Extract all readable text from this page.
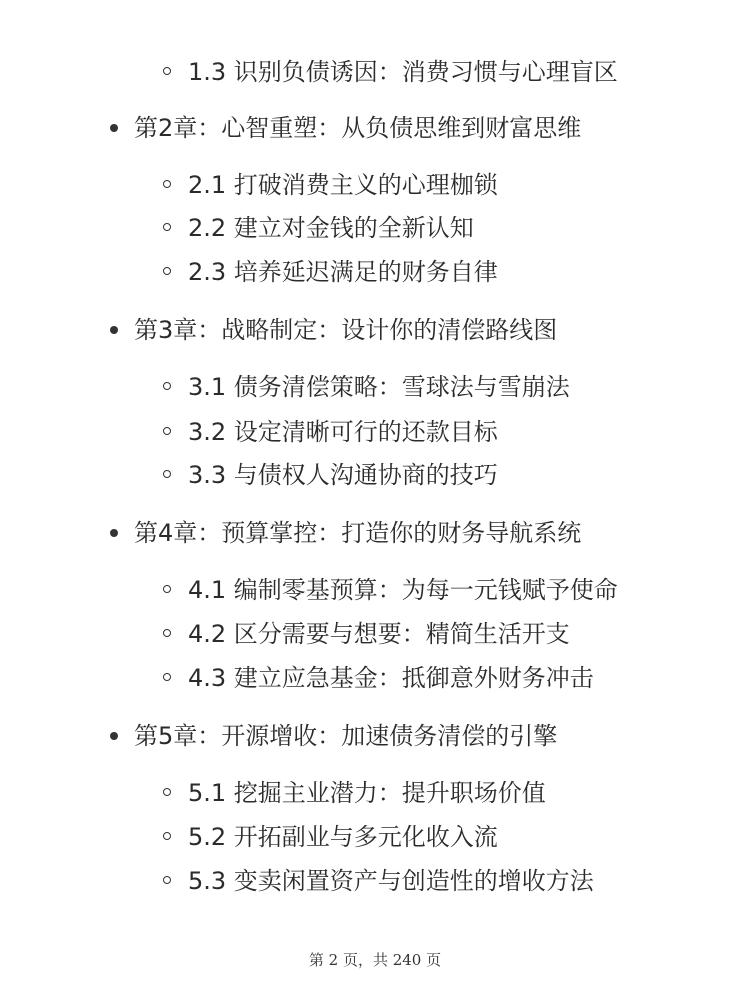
1.3 识别负债诱因：消费习惯与心理盲区
第2章：心智重塑：从负债思维到财富思维
2.1 打破消费主义的心理枷锁
2.2 建立对金钱的全新认知
2.3 培养延迟满足的财务自律
第3章：战略制定：设计你的清偿路线图
3.1 债务清偿策略：雪球法与雪崩法
3.2 设定清晰可行的还款目标
3.3 与债权人沟通协商的技巧
第4章：预算掌控：打造你的财务导航系统
4.1 编制零基预算：为每一元钱赋予使命
4.2 区分需要与想要：精简生活开支
4.3 建立应急基金：抵御意外财务冲击
第5章：开源增收：加速债务清偿的引擎
5.1 挖掘主业潜力：提升职场价值
5.2 开拓副业与多元化收入流
5.3 变卖闲置资产与创造性的增收方法
第 2 页，共 240 页
